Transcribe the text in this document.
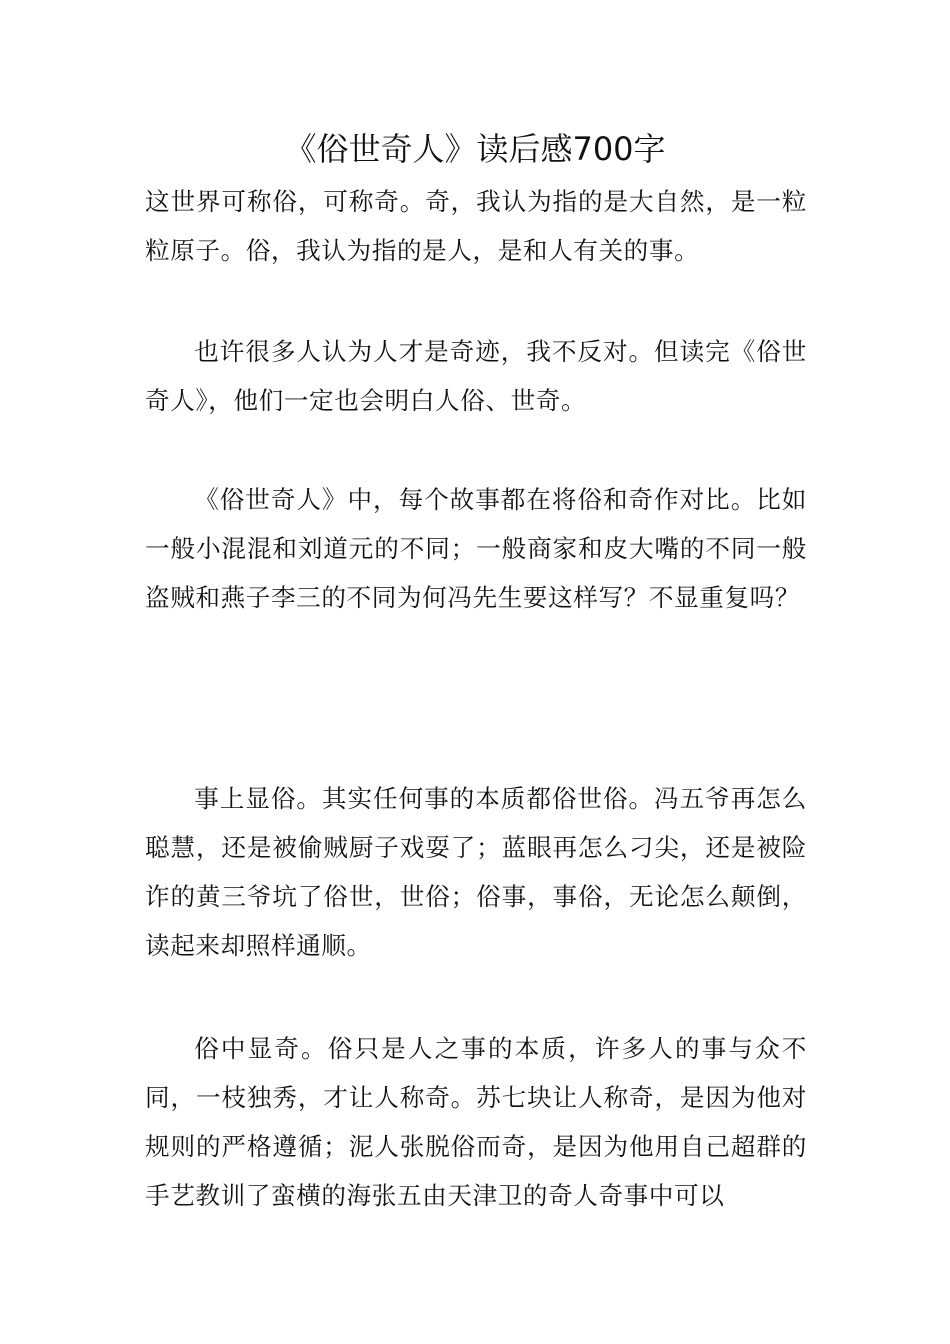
《俗世奇人》读后感700字

这世界可称俗，可称奇。奇，我认为指的是大自然，是一粒粒原子。俗，我认为指的是人，是和人有关的事。

也许很多人认为人才是奇迹，我不反对。但读完《俗世奇人》，他们一定也会明白人俗、世奇。

《俗世奇人》中，每个故事都在将俗和奇作对比。比如一般小混混和刘道元的不同；一般商家和皮大嘴的不同一般盗贼和燕子李三的不同为何冯先生要这样写？不显重复吗？

事上显俗。其实任何事的本质都俗世俗。冯五爷再怎么聪慧，还是被偷贼厨子戏耍了；蓝眼再怎么刁尖，还是被险诈的黄三爷坑了俗世，世俗；俗事，事俗，无论怎么颠倒，读起来却照样通顺。

俗中显奇。俗只是人之事的本质，许多人的事与众不同，一枝独秀，才让人称奇。苏七块让人称奇，是因为他对规则的严格遵循；泥人张脱俗而奇，是因为他用自己超群的手艺教训了蛮横的海张五由天津卫的奇人奇事中可以
